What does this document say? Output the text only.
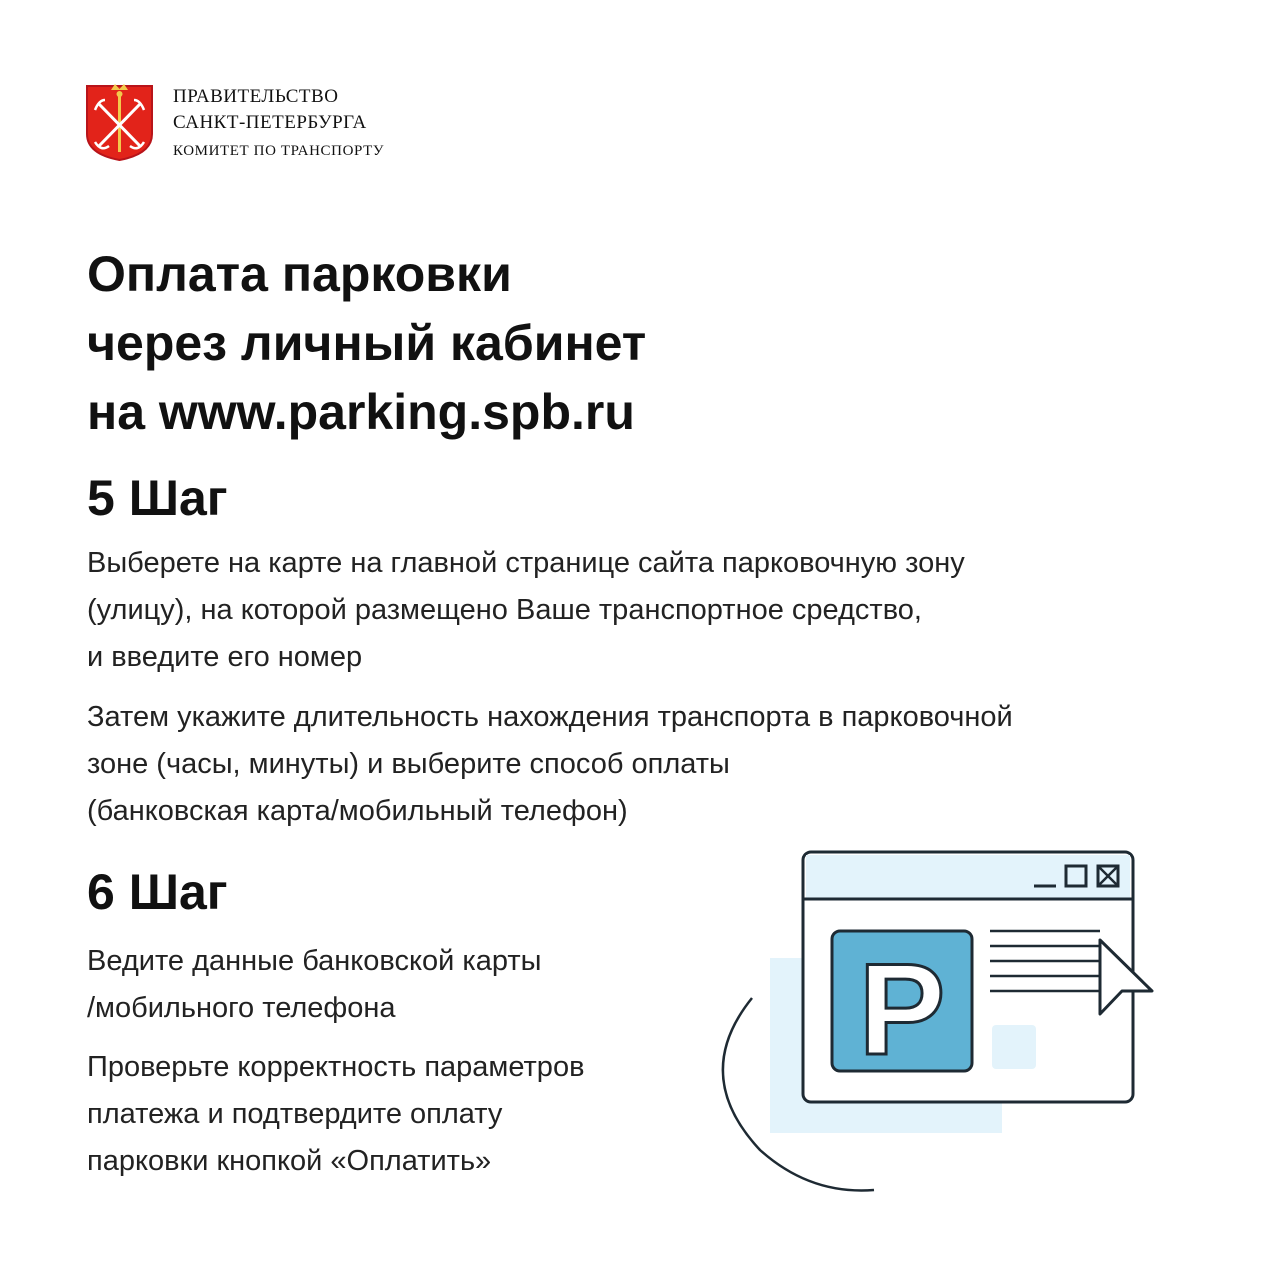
ПРАВИТЕЛЬСТВО
САНКТ-ПЕТЕРБУРГА
КОМИТЕТ ПО ТРАНСПОРТУ
Оплата парковки
через личный кабинет
на www.parking.spb.ru
5 Шаг

Выберете на карте на главной странице сайта парковочную зону
(улицу), на которой размещено Ваше транспортное средство,
и введите его номер

Затем укажите длительность нахождения транспорта в парковочной
зоне (часы, минуты) и выберите способ оплаты
(банковская карта/мобильный телефон)

6 Шаг

Ведите данные банковской карты
/мобильного телефона

Проверьте корректность параметров
платежа и подтвердите оплату
парковки кнопкой «Оплатить»

P
